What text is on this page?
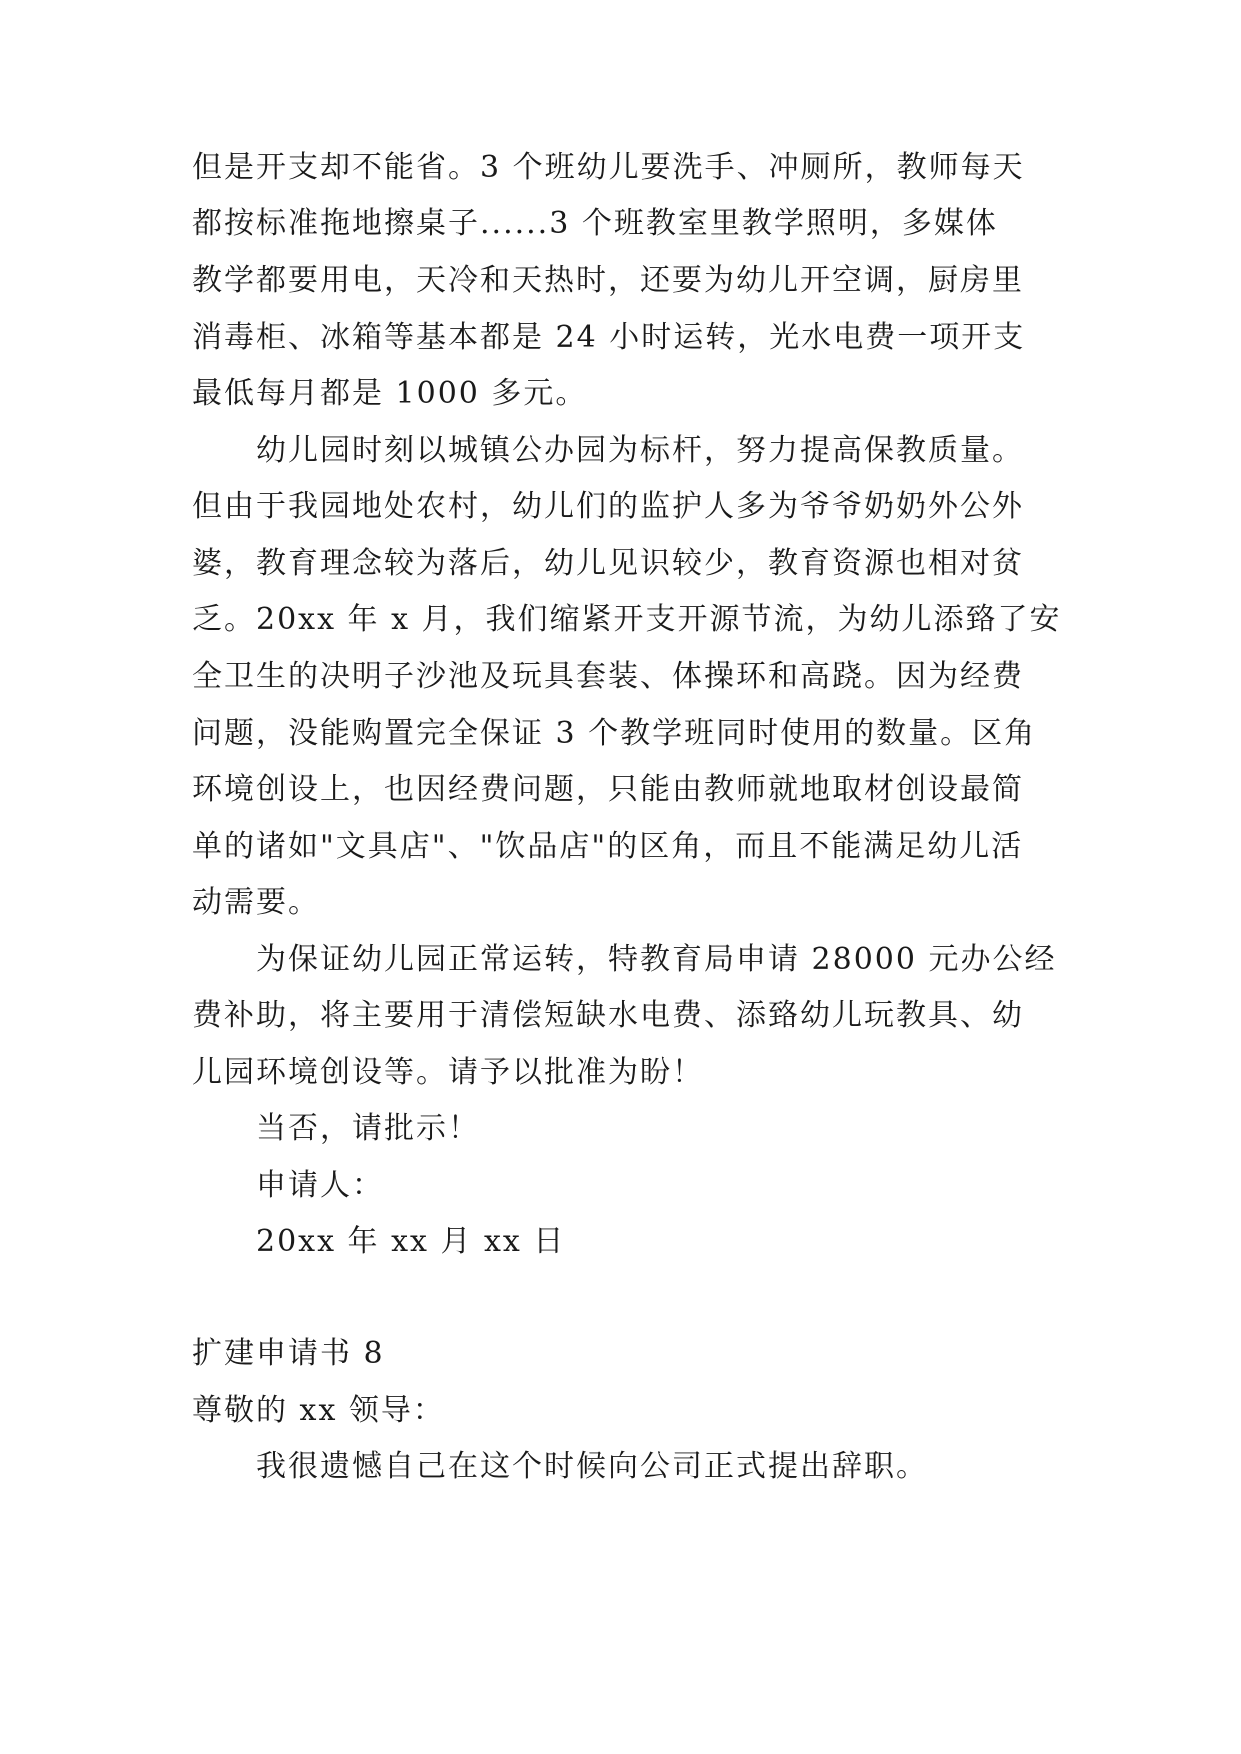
但是开支却不能省。3 个班幼儿要洗手、冲厕所，教师每天

都按标准拖地擦桌子......3 个班教室里教学照明，多媒体

教学都要用电，天冷和天热时，还要为幼儿开空调，厨房里

消毒柜、冰箱等基本都是 24 小时运转，光水电费一项开支

最低每月都是 1000 多元。

幼儿园时刻以城镇公办园为标杆，努力提高保教质量。

但由于我园地处农村，幼儿们的监护人多为爷爷奶奶外公外

婆，教育理念较为落后，幼儿见识较少，教育资源也相对贫

乏。20xx 年 x 月，我们缩紧开支开源节流，为幼儿添臵了安

全卫生的决明子沙池及玩具套装、体操环和高跷。因为经费

问题，没能购置完全保证 3 个教学班同时使用的数量。区角

环境创设上，也因经费问题，只能由教师就地取材创设最简

单的诸如"文具店"、"饮品店"的区角，而且不能满足幼儿活

动需要。

为保证幼儿园正常运转，特教育局申请 28000 元办公经

费补助，将主要用于清偿短缺水电费、添臵幼儿玩教具、幼

儿园环境创设等。请予以批准为盼！

当否，请批示！

申请人：

20xx 年 xx 月 xx 日

扩建申请书 8

尊敬的 xx 领导：

我很遗憾自己在这个时候向公司正式提出辞职。
